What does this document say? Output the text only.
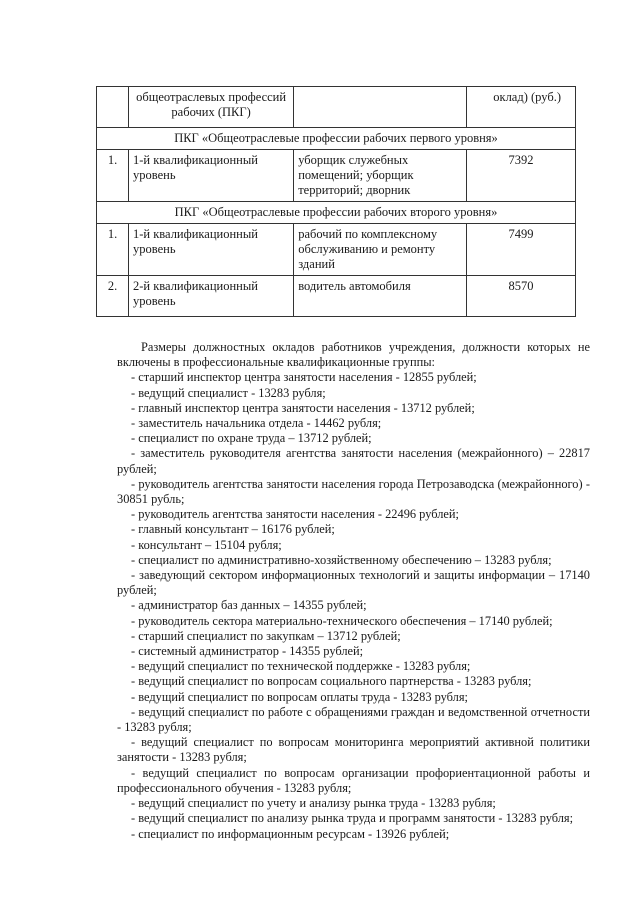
	общеотраслевых профессий рабочих (ПКГ)		оклад) (руб.)
ПКГ «Общеотраслевые профессии рабочих первого уровня»			
1.	1-й квалификационный уровень	уборщик служебных помещений; уборщик территорий; дворник	7392
ПКГ «Общеотраслевые профессии рабочих второго уровня»			
1.	1-й квалификационный уровень	рабочий по комплексному обслуживанию и ремонту зданий	7499
2.	2-й квалификационный уровень	водитель автомобиля	8570

Размеры должностных окладов работников учреждения, должности которых не включены в профессиональные квалификационные группы:

- старший инспектор центра занятости населения - 12855 рублей;
- ведущий специалист - 13283 рубля;
- главный инспектор центра занятости населения - 13712 рублей;
- заместитель начальника отдела - 14462 рубля;
- специалист по охране труда – 13712 рублей;
- заместитель руководителя агентства занятости населения (межрайонного) – 22817 рублей;
- руководитель агентства занятости населения города Петрозаводска (межрайонного) - 30851 рубль;
- руководитель агентства занятости населения - 22496 рублей;
- главный консультант – 16176 рублей;
- консультант – 15104 рубля;
- специалист по административно-хозяйственному обеспечению – 13283 рубля;
- заведующий сектором информационных технологий и защиты информации – 17140 рублей;
- администратор баз данных – 14355 рублей;
- руководитель сектора материально-технического обеспечения – 17140 рублей;
- старший специалист по закупкам – 13712 рублей;
- системный администратор - 14355 рублей;
- ведущий специалист по технической поддержке - 13283 рубля;
- ведущий специалист по вопросам социального партнерства - 13283 рубля;
- ведущий специалист по вопросам оплаты труда - 13283 рубля;
- ведущий специалист по работе с обращениями граждан и ведомственной отчетности - 13283 рубля;
- ведущий специалист по вопросам мониторинга мероприятий активной политики занятости - 13283 рубля;
- ведущий специалист по вопросам организации профориентационной работы и профессионального обучения - 13283 рубля;
- ведущий специалист по учету и анализу рынка труда - 13283 рубля;
- ведущий специалист по анализу рынка труда и программ занятости - 13283 рубля;
- специалист по информационным ресурсам - 13926 рублей;
